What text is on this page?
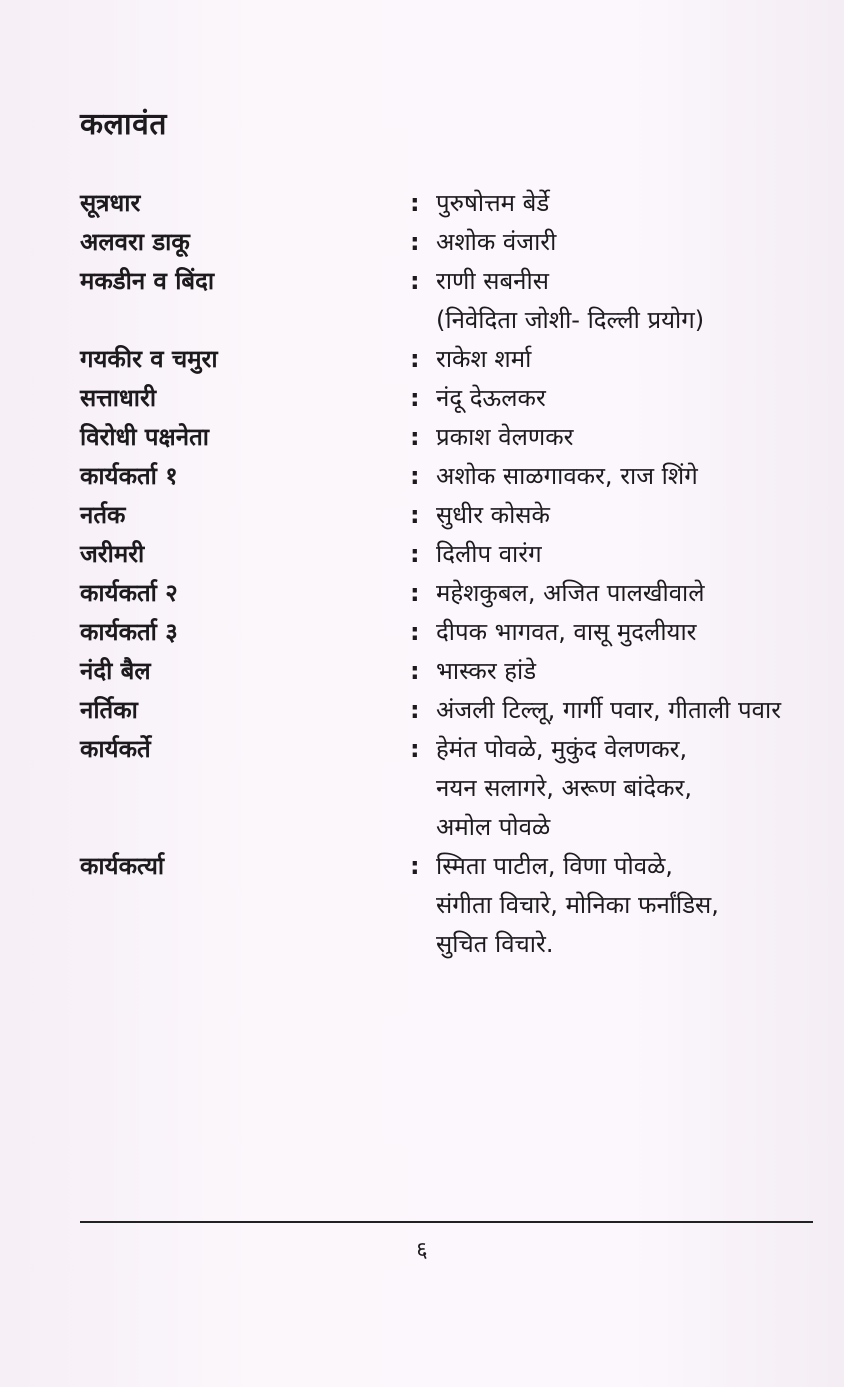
कलावंत
सूत्रधार	: पुरुषोत्तम बेर्डे
अलवरा डाकू	: अशोक वंजारी
मकडीन व बिंदा	: राणी सबनीस
(निवेदिता जोशी- दिल्ली प्रयोग)
गयकीर व चमुरा	: राकेश शर्मा
सत्ताधारी	: नंदू देऊलकर
विरोधी पक्षनेता	: प्रकाश वेलणकर
कार्यकर्ता १	: अशोक साळगावकर, राज शिंगे
नर्तक	: सुधीर कोसके
जरीमरी	: दिलीप वारंग
कार्यकर्ता २	: महेशकुबल, अजित पालखीवाले
कार्यकर्ता ३	: दीपक भागवत, वासू मुदलीयार
नंदी बैल	: भास्कर हांडे
नर्तिका	: अंजली टिल्लू, गार्गी पवार, गीताली पवार
कार्यकर्ते	: हेमंत पोवळे, मुकुंद वेलणकर,
नयन सलागरे, अरूण बांदेकर,
अमोल पोवळे
कार्यकर्त्या	: स्मिता पाटील, विणा पोवळे,
संगीता विचारे, मोनिका फर्नांडिस,
सुचित विचारे.
६
